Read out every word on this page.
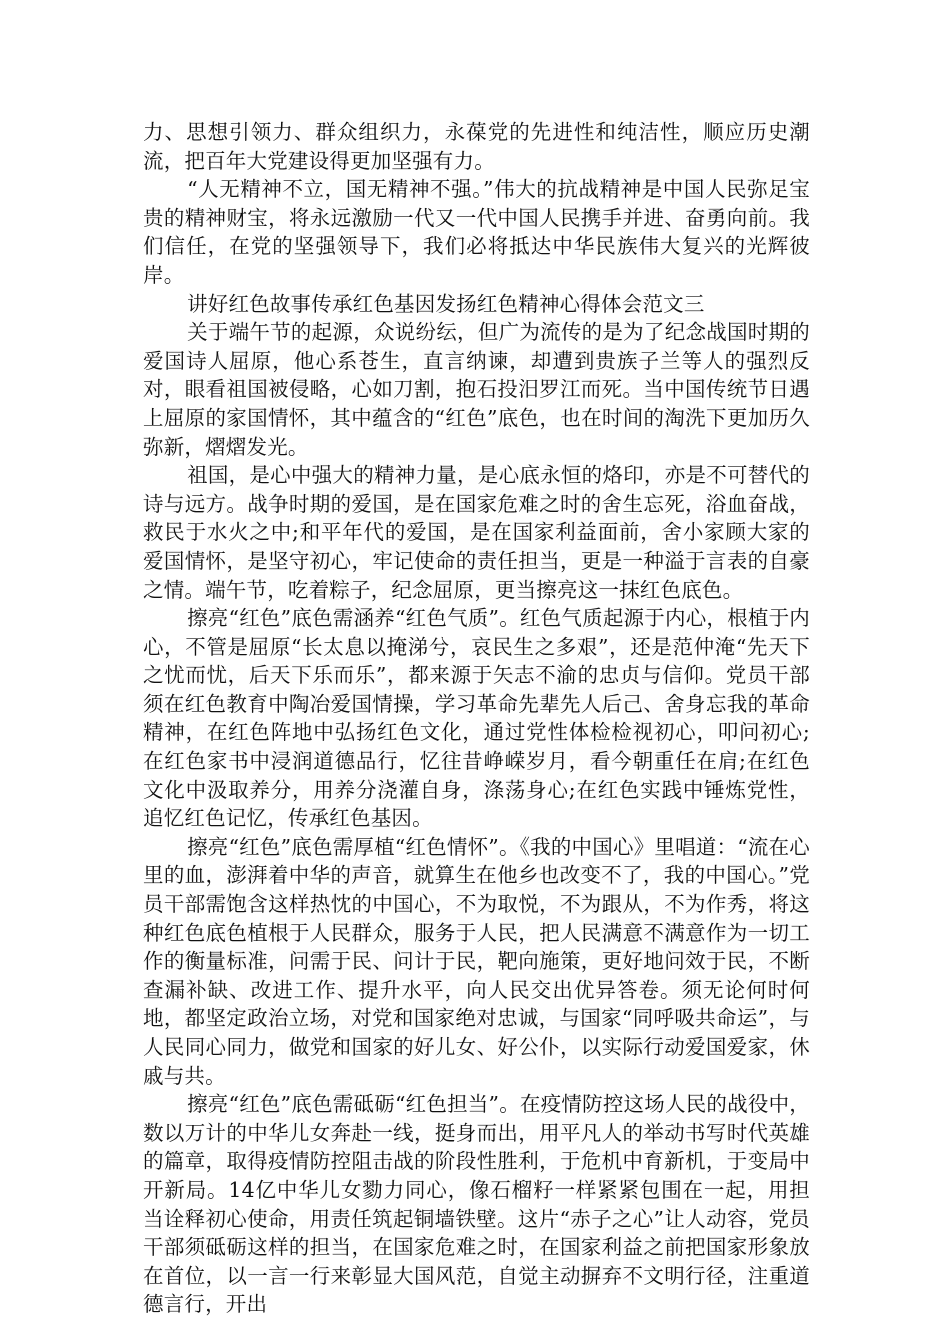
力、思想引领力、群众组织力，永葆党的先进性和纯洁性，顺应历史潮流，把百年大党建设得更加坚强有力。

“人无精神不立，国无精神不强。”伟大的抗战精神是中国人民弥足宝贵的精神财宝，将永远激励一代又一代中国人民携手并进、奋勇向前。我们信任，在党的坚强领导下，我们必将抵达中华民族伟大复兴的光辉彼岸。

讲好红色故事传承红色基因发扬红色精神心得体会范文三

关于端午节的起源，众说纷纭，但广为流传的是为了纪念战国时期的爱国诗人屈原，他心系苍生，直言纳谏，却遭到贵族子兰等人的强烈反对，眼看祖国被侵略，心如刀割，抱石投汨罗江而死。当中国传统节日遇上屈原的家国情怀，其中蕴含的“红色”底色，也在时间的淘洗下更加历久弥新，熠熠发光。

祖国，是心中强大的精神力量，是心底永恒的烙印，亦是不可替代的诗与远方。战争时期的爱国，是在国家危难之时的舍生忘死，浴血奋战，救民于水火之中;和平年代的爱国，是在国家利益面前，舍小家顾大家的爱国情怀，是坚守初心，牢记使命的责任担当，更是一种溢于言表的自豪之情。端午节，吃着粽子，纪念屈原，更当擦亮这一抹红色底色。

擦亮“红色”底色需涵养“红色气质”。红色气质起源于内心，根植于内心，不管是屈原“长太息以掩涕兮，哀民生之多艰”，还是范仲淹“先天下之忧而忧，后天下乐而乐”，都来源于矢志不渝的忠贞与信仰。党员干部须在红色教育中陶冶爱国情操，学习革命先辈先人后己、舍身忘我的革命精神，在红色阵地中弘扬红色文化，通过党性体检检视初心，叩问初心;在红色家书中浸润道德品行，忆往昔峥嵘岁月，看今朝重任在肩;在红色文化中汲取养分，用养分浇灌自身，涤荡身心;在红色实践中锤炼党性，追忆红色记忆，传承红色基因。

擦亮“红色”底色需厚植“红色情怀”。《我的中国心》里唱道：“流在心里的血，澎湃着中华的声音，就算生在他乡也改变不了，我的中国心。”党员干部需饱含这样热忱的中国心，不为取悦，不为跟从，不为作秀，将这种红色底色植根于人民群众，服务于人民，把人民满意不满意作为一切工作的衡量标准，问需于民、问计于民，靶向施策，更好地问效于民，不断查漏补缺、改进工作、提升水平，向人民交出优异答卷。须无论何时何地，都坚定政治立场，对党和国家绝对忠诚，与国家“同呼吸共命运”，与人民同心同力，做党和国家的好儿女、好公仆，以实际行动爱国爱家，休戚与共。

擦亮“红色”底色需砥砺“红色担当”。在疫情防控这场人民的战役中，数以万计的中华儿女奔赴一线，挺身而出，用平凡人的举动书写时代英雄的篇章，取得疫情防控阻击战的阶段性胜利，于危机中育新机，于变局中开新局。14亿中华儿女勠力同心，像石榴籽一样紧紧包围在一起，用担当诠释初心使命，用责任筑起铜墙铁壁。这片“赤子之心”让人动容，党员干部须砥砺这样的担当，在国家危难之时，在国家利益之前把国家形象放在首位，以一言一行来彰显大国风范，自觉主动摒弃不文明行径，注重道德言行，开出
